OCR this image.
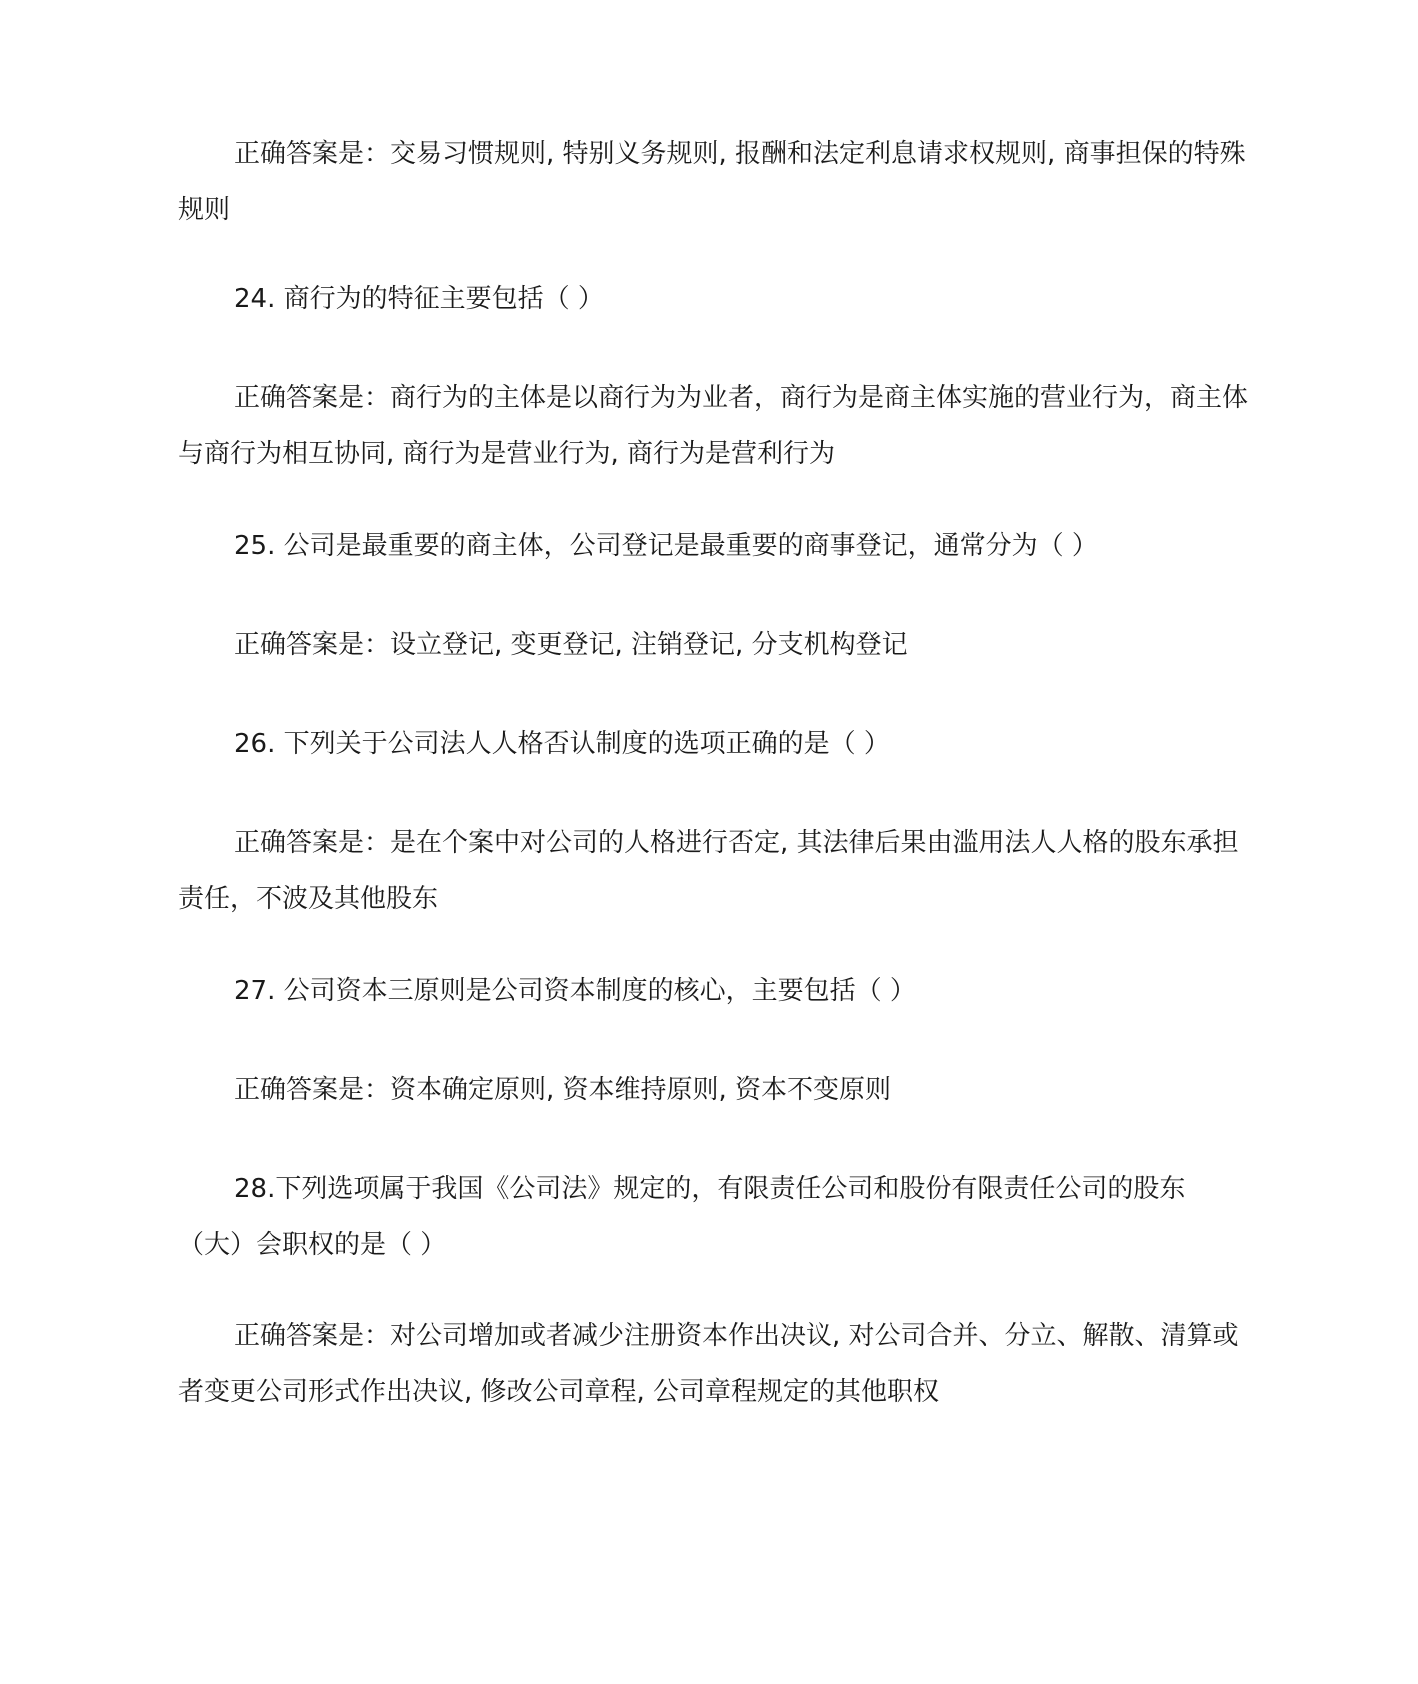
正确答案是：交易习惯规则, 特别义务规则, 报酬和法定利息请求权规则, 商事担保的特殊规则

24. 商行为的特征主要包括（ ）

正确答案是：商行为的主体是以商行为为业者，商行为是商主体实施的营业行为，商主体与商行为相互协同, 商行为是营业行为, 商行为是营利行为

25. 公司是最重要的商主体，公司登记是最重要的商事登记，通常分为（ ）

正确答案是：设立登记, 变更登记, 注销登记, 分支机构登记

26. 下列关于公司法人人格否认制度的选项正确的是（ ）

正确答案是：是在个案中对公司的人格进行否定, 其法律后果由滥用法人人格的股东承担责任，不波及其他股东

27. 公司资本三原则是公司资本制度的核心，主要包括（ ）

正确答案是：资本确定原则, 资本维持原则, 资本不变原则

28.下列选项属于我国《公司法》规定的，有限责任公司和股份有限责任公司的股东（大）会职权的是（ ）

正确答案是：对公司增加或者减少注册资本作出决议, 对公司合并、分立、解散、清算或者变更公司形式作出决议, 修改公司章程, 公司章程规定的其他职权
